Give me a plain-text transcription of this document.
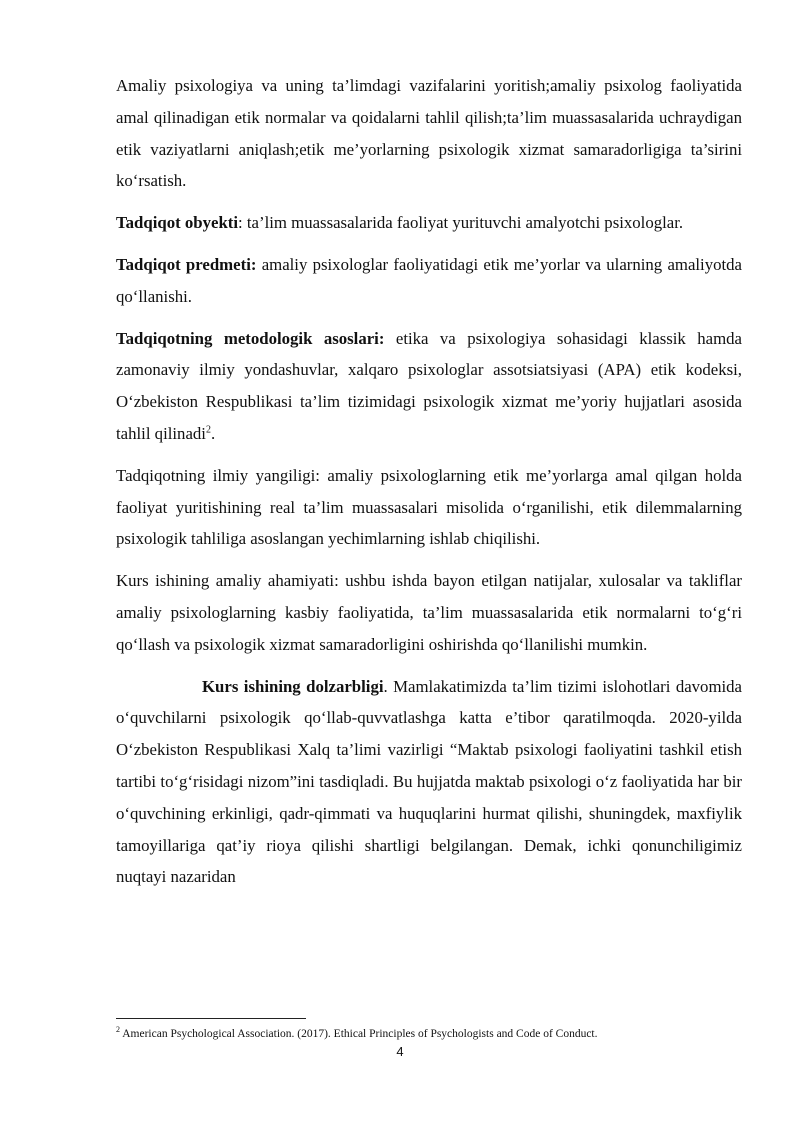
Amaliy psixologiya va uning ta’limdagi vazifalarini yoritish;amaliy psixolog faoliyatida amal qilinadigan etik normalar va qoidalarni tahlil qilish;ta’lim muassasalarida uchraydigan etik vaziyatlarni aniqlash;etik me’yorlarning psixologik xizmat samaradorligiga ta’sirini ko‘rsatish.

Tadqiqot obyekti: ta’lim muassasalarida faoliyat yurituvchi amalyotchi psixologlar.

Tadqiqot predmeti: amaliy psixologlar faoliyatidagi etik me’yorlar va ularning amaliyotda qo‘llanishi.

Tadqiqotning metodologik asoslari: etika va psixologiya sohasidagi klassik hamda zamonaviy ilmiy yondashuvlar, xalqaro psixologlar assotsiatsiyasi (APA) etik kodeksi, O‘zbekiston Respublikasi ta’lim tizimidagi psixologik xizmat me’yoriy hujjatlari asosida tahlil qilinadi$^2$.

Tadqiqotning ilmiy yangiligi: amaliy psixologlarning etik me’yorlarga amal qilgan holda faoliyat yuritishining real ta’lim muassasalari misolida o‘rganilishi, etik dilemmalarning psixologik tahliliga asoslangan yechimlarning ishlab chiqilishi.

Kurs ishining amaliy ahamiyati: ushbu ishda bayon etilgan natijalar, xulosalar va takliflar amaliy psixologlarning kasbiy faoliyatida, ta’lim muassasalarida etik normalarni to‘g‘ri qo‘llash va psixologik xizmat samaradorligini oshirishda qo‘llanilishi mumkin.

Kurs ishining dolzarbligi. Mamlakatimizda ta’lim tizimi islohotlari davomida o‘quvchilarni psixologik qo‘llab-quvvatlashga katta e’tibor qaratilmoqda. 2020-yilda O‘zbekiston Respublikasi Xalq ta’limi vazirligi “Maktab psixologi faoliyatini tashkil etish tartibi to‘g‘risidagi nizom”ini tasdiqladi. Bu hujjatda maktab psixologi o‘z faoliyatida har bir o‘quvchining erkinligi, qadr-qimmati va huquqlarini hurmat qilishi, shuningdek, maxfiylik tamoyillariga qat’iy rioya qilishi shartligi belgilangan. Demak, ichki qonunchiligimiz nuqtayi nazaridan

$^2$ American Psychological Association. (2017). Ethical Principles of Psychologists and Code of Conduct.
4
